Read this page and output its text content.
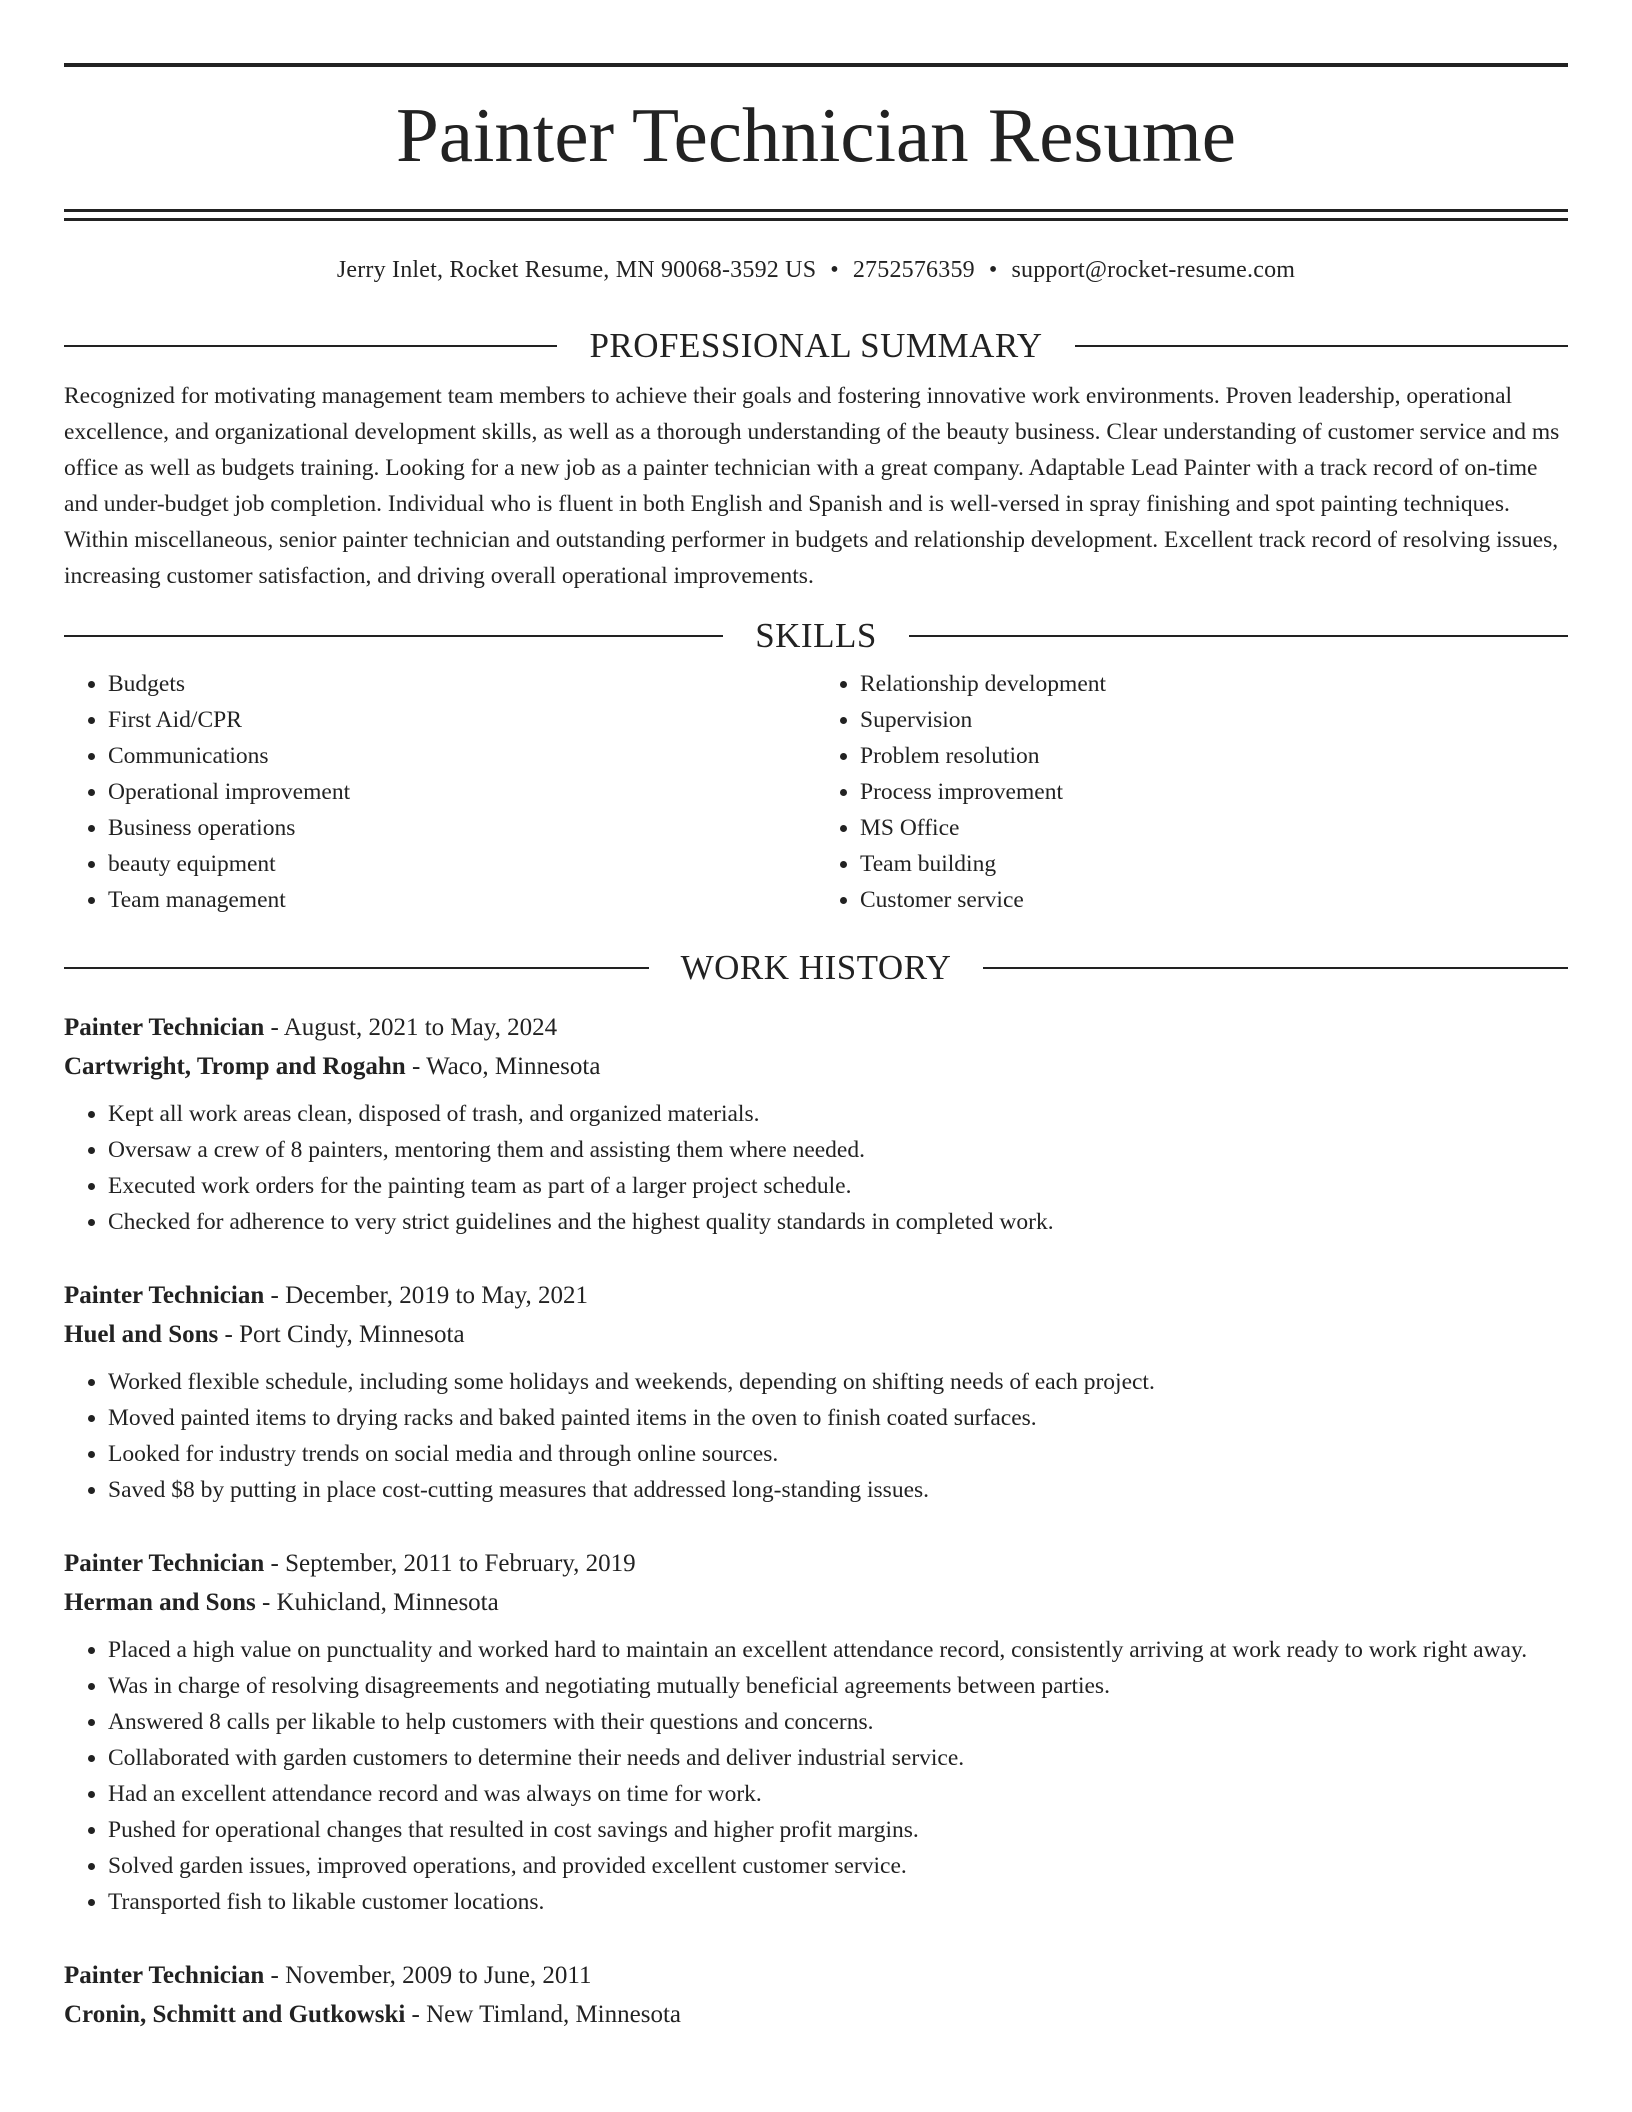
Painter Technician Resume
Jerry Inlet, Rocket Resume, MN 90068-3592 US • 2752576359 • support@rocket-resume.com
PROFESSIONAL SUMMARY

Recognized for motivating management team members to achieve their goals and fostering innovative work environments. Proven leadership, operational excellence, and organizational development skills, as well as a thorough understanding of the beauty business. Clear understanding of customer service and ms office as well as budgets training. Looking for a new job as a painter technician with a great company. Adaptable Lead Painter with a track record of on-time and under-budget job completion. Individual who is fluent in both English and Spanish and is well-versed in spray finishing and spot painting techniques. Within miscellaneous, senior painter technician and outstanding performer in budgets and relationship development. Excellent track record of resolving issues, increasing customer satisfaction, and driving overall operational improvements.

SKILLS
• Budgets
• First Aid/CPR
• Communications
• Operational improvement
• Business operations
• beauty equipment
• Team management
• Relationship development
• Supervision
• Problem resolution
• Process improvement
• MS Office
• Team building
• Customer service
WORK HISTORY
Painter Technician - August, 2021 to May, 2024
Cartwright, Tromp and Rogahn - Waco, Minnesota
• Kept all work areas clean, disposed of trash, and organized materials.
• Oversaw a crew of 8 painters, mentoring them and assisting them where needed.
• Executed work orders for the painting team as part of a larger project schedule.
• Checked for adherence to very strict guidelines and the highest quality standards in completed work.
Painter Technician - December, 2019 to May, 2021
Huel and Sons - Port Cindy, Minnesota
• Worked flexible schedule, including some holidays and weekends, depending on shifting needs of each project.
• Moved painted items to drying racks and baked painted items in the oven to finish coated surfaces.
• Looked for industry trends on social media and through online sources.
• Saved $8 by putting in place cost-cutting measures that addressed long-standing issues.
Painter Technician - September, 2011 to February, 2019
Herman and Sons - Kuhicland, Minnesota
• Placed a high value on punctuality and worked hard to maintain an excellent attendance record, consistently arriving at work ready to work right away.
• Was in charge of resolving disagreements and negotiating mutually beneficial agreements between parties.
• Answered 8 calls per likable to help customers with their questions and concerns.
• Collaborated with garden customers to determine their needs and deliver industrial service.
• Had an excellent attendance record and was always on time for work.
• Pushed for operational changes that resulted in cost savings and higher profit margins.
• Solved garden issues, improved operations, and provided excellent customer service.
• Transported fish to likable customer locations.
Painter Technician - November, 2009 to June, 2011
Cronin, Schmitt and Gutkowski - New Timland, Minnesota
